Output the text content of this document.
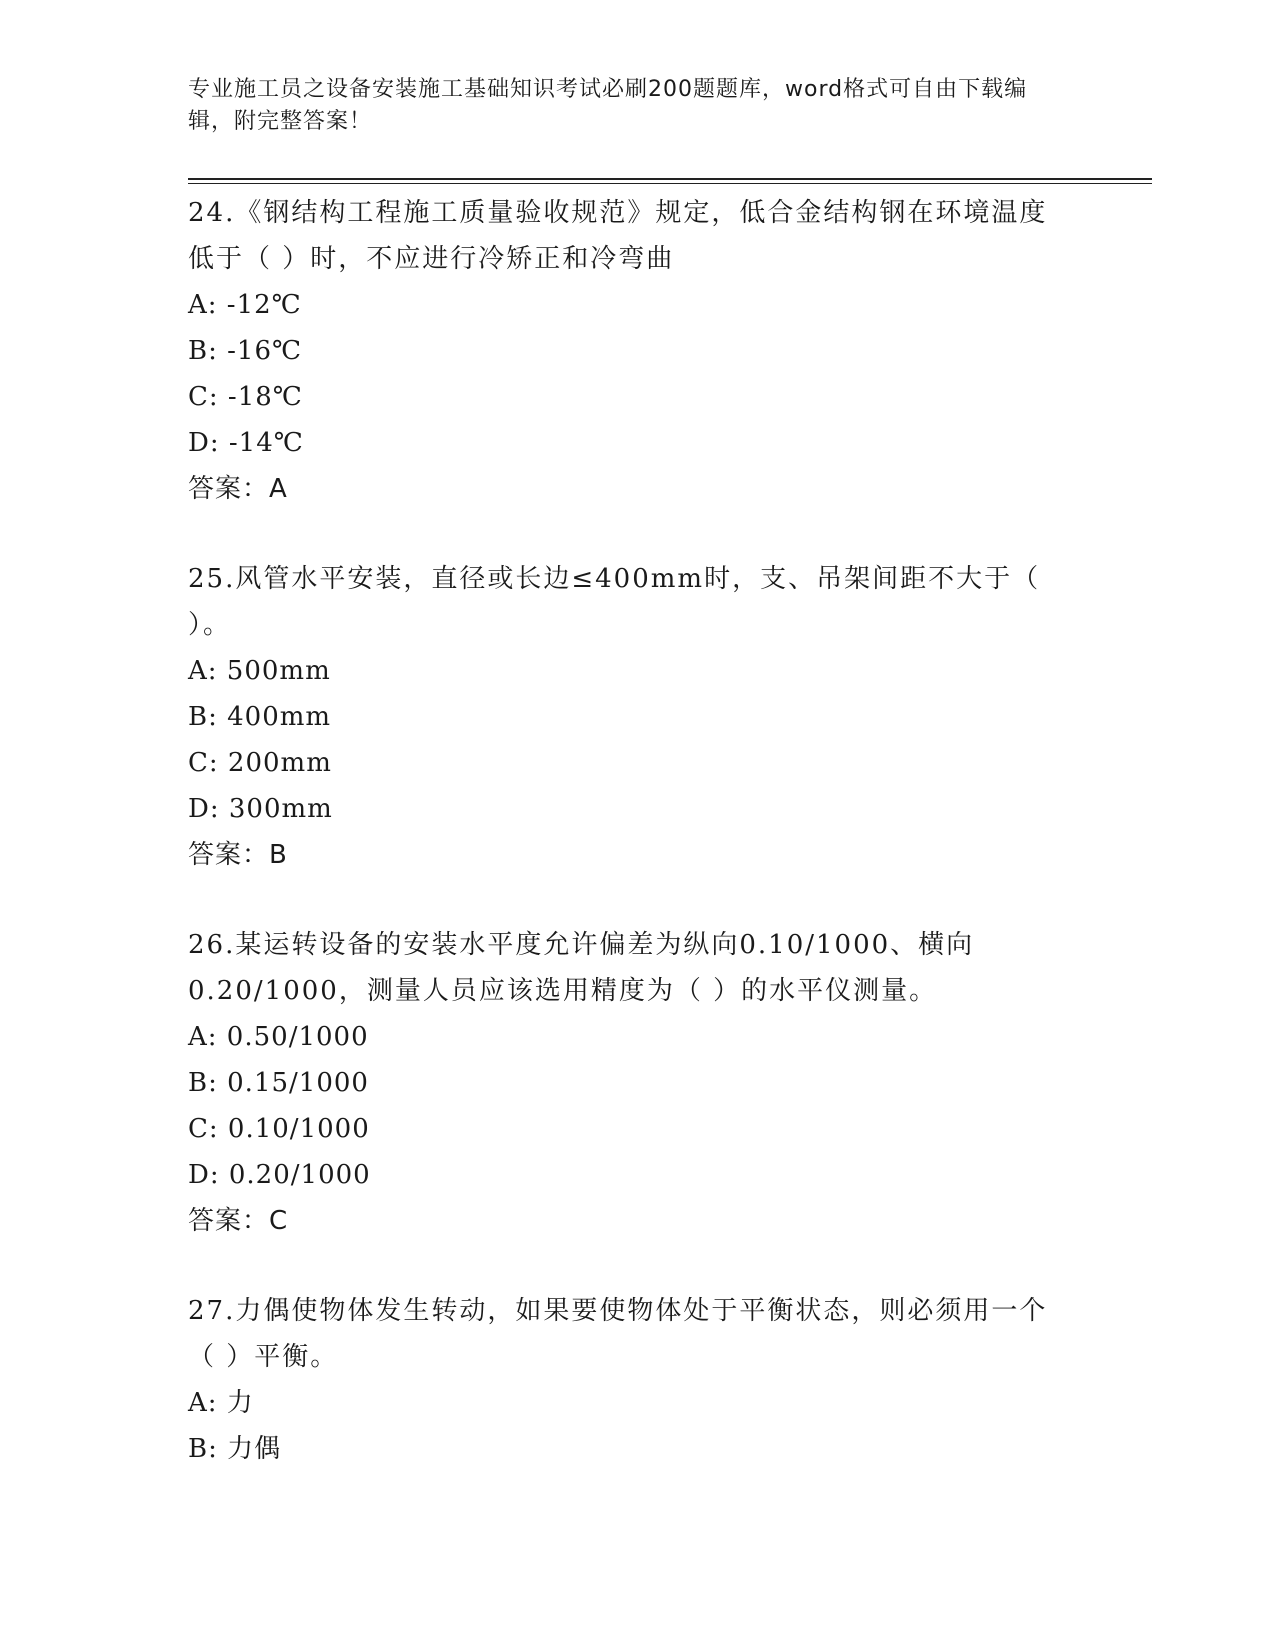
专业施工员之设备安装施工基础知识考试必刷200题题库，word格式可自由下载编辑，附完整答案！
24.《钢结构工程施工质量验收规范》规定，低合金结构钢在环境温度低于（ ）时，不应进行冷矫正和冷弯曲
A: -12℃
B: -16℃
C: -18℃
D: -14℃
答案：A
25.风管水平安装，直径或长边≤400mm时，支、吊架间距不大于（ ）。
A: 500mm
B: 400mm
C: 200mm
D: 300mm
答案：B
26.某运转设备的安装水平度允许偏差为纵向0.10/1000、横向0.20/1000，测量人员应该选用精度为（ ）的水平仪测量。
A: 0.50/1000
B: 0.15/1000
C: 0.10/1000
D: 0.20/1000
答案：C
27.力偶使物体发生转动，如果要使物体处于平衡状态，则必须用一个（ ）平衡。
A: 力
B: 力偶
